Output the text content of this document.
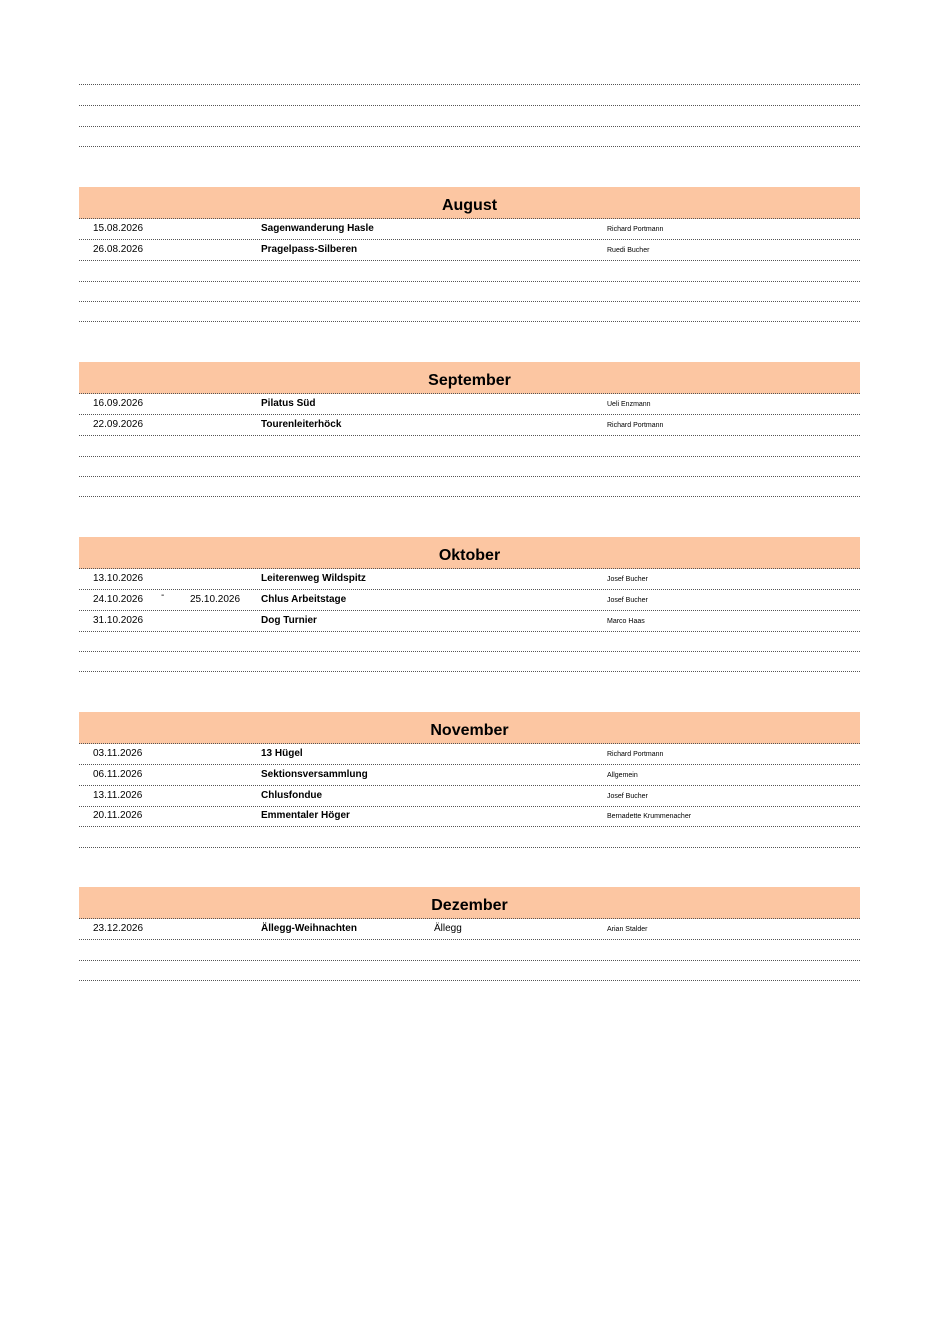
August
15.08.2026	Sagenwanderung Hasle	Richard Portmann
26.08.2026	Pragelpass-Silberen	Ruedi Bucher
September
16.09.2026	Pilatus Süd	Ueli Enzmann
22.09.2026	Tourenleiterhöck	Richard Portmann
Oktober
13.10.2026	Leiterenweg Wildspitz	Josef Bucher
24.10.2026 -	25.10.2026 Chlus Arbeitstage	Josef Bucher
31.10.2026	Dog Turnier	Marco Haas
November
03.11.2026	13 Hügel	Richard Portmann
06.11.2026	Sektionsversammlung	Allgemein
13.11.2026	Chlusfondue	Josef Bucher
20.11.2026	Emmentaler Höger	Bernadette Krummenacher
Dezember
23.12.2026	Ällegg-Weihnachten	Ällegg	Arian Stalder
